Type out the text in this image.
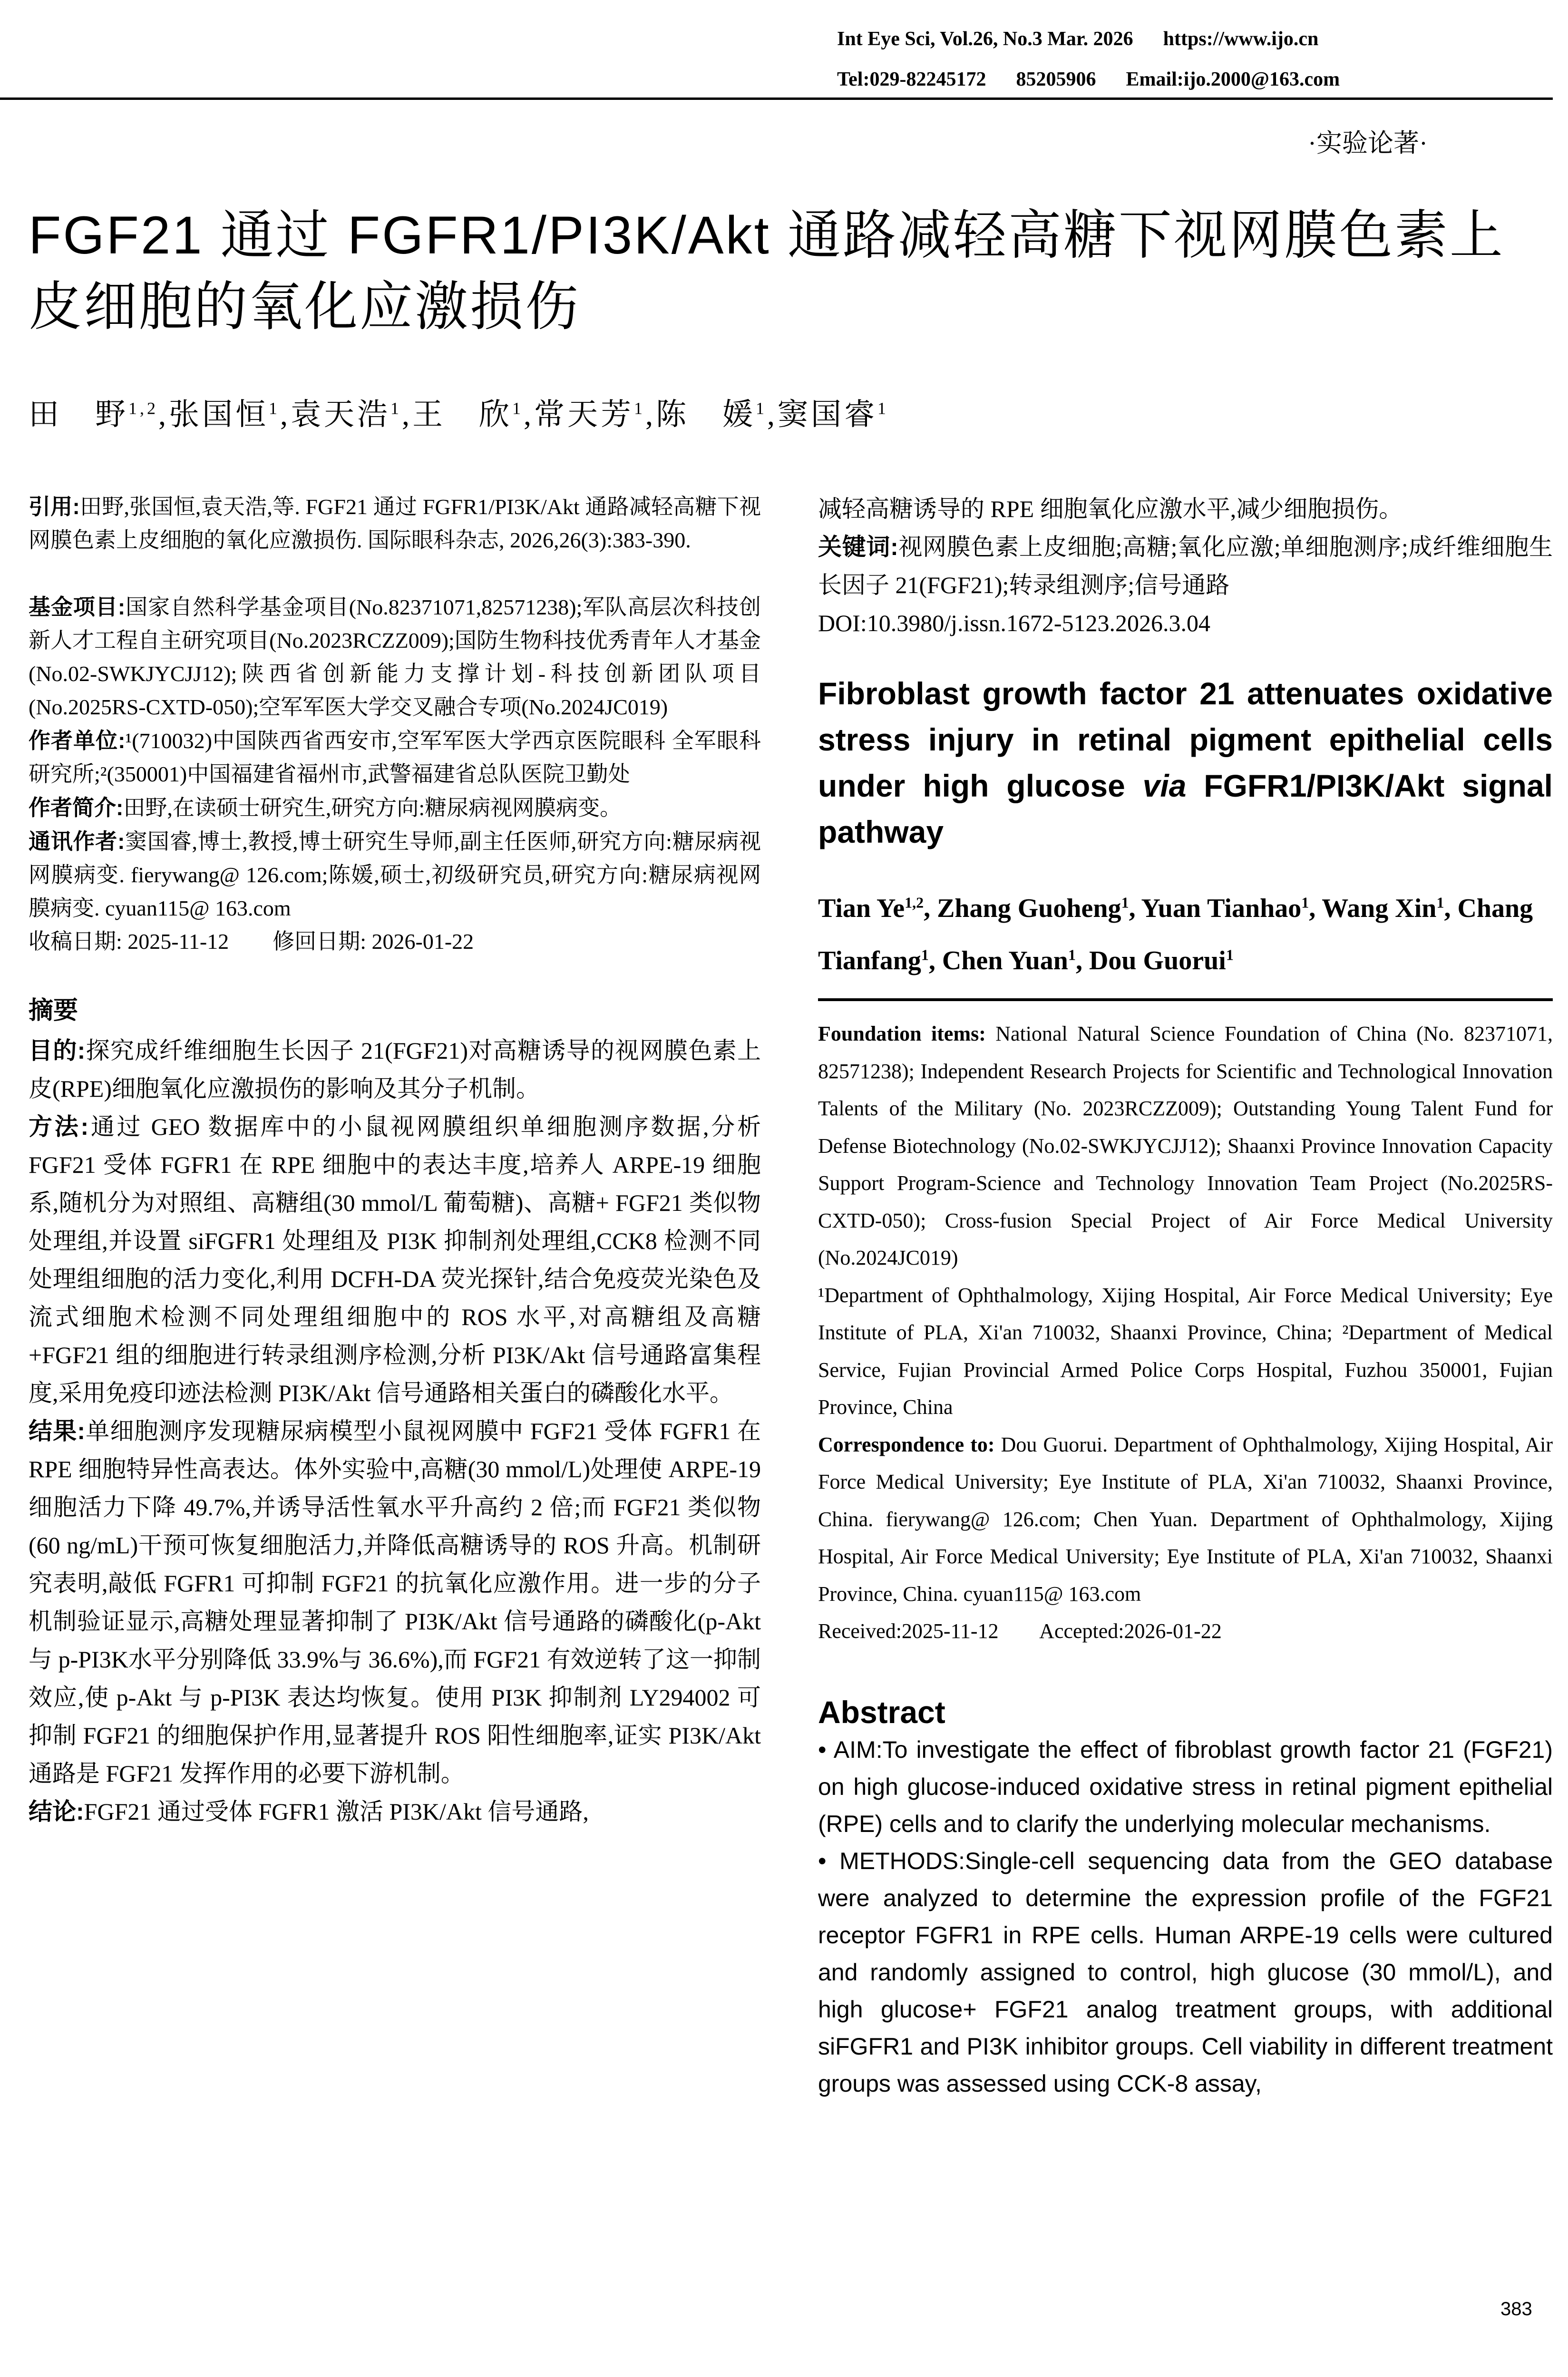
Int Eye Sci, Vol.26, No.3 Mar. 2026 https://www.ijo.cn
Tel:029-82245172 85205906 Email:ijo.2000@163.com
·实验论著·
FGF21 通过 FGFR1/PI3K/Akt 通路减轻高糖下视网膜色素上皮细胞的氧化应激损伤
田　野$^{1,2}$,张国恒$^1$,袁天浩$^1$,王　欣$^1$,常天芳$^1$,陈　媛$^1$,窦国睿$^1$

引用:田野,张国恒,袁天浩,等. FGF21 通过 FGFR1/PI3K/Akt 通路减轻高糖下视网膜色素上皮细胞的氧化应激损伤. 国际眼科杂志, 2026,26(3):383-390.

基金项目:国家自然科学基金项目(No.82371071,82571238);军队高层次科技创新人才工程自主研究项目(No.2023RCZZ009);国防生物科技优秀青年人才基金(No.02-SWKJYCJJ12);陕西省创新能力支撑计划-科技创新团队项目(No.2025RS-CXTD-050);空军军医大学交叉融合专项(No.2024JC019)

作者单位:¹(710032)中国陕西省西安市,空军军医大学西京医院眼科 全军眼科研究所;²(350001)中国福建省福州市,武警福建省总队医院卫勤处

作者简介:田野,在读硕士研究生,研究方向:糖尿病视网膜病变。

通讯作者:窦国睿,博士,教授,博士研究生导师,副主任医师,研究方向:糖尿病视网膜病变. fierywang@ 126.com;陈媛,硕士,初级研究员,研究方向:糖尿病视网膜病变. cyuan115@ 163.com

收稿日期: 2025-11-12 修回日期: 2026-01-22

摘要

目的:探究成纤维细胞生长因子 21(FGF21)对高糖诱导的视网膜色素上皮(RPE)细胞氧化应激损伤的影响及其分子机制。

方法:通过 GEO 数据库中的小鼠视网膜组织单细胞测序数据,分析 FGF21 受体 FGFR1 在 RPE 细胞中的表达丰度,培养人 ARPE-19 细胞系,随机分为对照组、高糖组(30 mmol/L 葡萄糖)、高糖+ FGF21 类似物处理组,并设置 siFGFR1 处理组及 PI3K 抑制剂处理组,CCK8 检测不同处理组细胞的活力变化,利用 DCFH-DA 荧光探针,结合免疫荧光染色及流式细胞术检测不同处理组细胞中的 ROS 水平,对高糖组及高糖+FGF21 组的细胞进行转录组测序检测,分析 PI3K/Akt 信号通路富集程度,采用免疫印迹法检测 PI3K/Akt 信号通路相关蛋白的磷酸化水平。

结果:单细胞测序发现糖尿病模型小鼠视网膜中 FGF21 受体 FGFR1 在 RPE 细胞特异性高表达。体外实验中,高糖(30 mmol/L)处理使 ARPE-19 细胞活力下降 49.7%,并诱导活性氧水平升高约 2 倍;而 FGF21 类似物(60 ng/mL)干预可恢复细胞活力,并降低高糖诱导的 ROS 升高。机制研究表明,敲低 FGFR1 可抑制 FGF21 的抗氧化应激作用。进一步的分子机制验证显示,高糖处理显著抑制了 PI3K/Akt 信号通路的磷酸化(p-Akt 与 p-PI3K水平分别降低 33.9%与 36.6%),而 FGF21 有效逆转了这一抑制效应,使 p-Akt 与 p-PI3K 表达均恢复。使用 PI3K 抑制剂 LY294002 可抑制 FGF21 的细胞保护作用,显著提升 ROS 阳性细胞率,证实 PI3K/Akt 通路是 FGF21 发挥作用的必要下游机制。

结论:FGF21 通过受体 FGFR1 激活 PI3K/Akt 信号通路,

减轻高糖诱导的 RPE 细胞氧化应激水平,减少细胞损伤。

关键词:视网膜色素上皮细胞;高糖;氧化应激;单细胞测序;成纤维细胞生长因子 21(FGF21);转录组测序;信号通路

DOI:10.3980/j.issn.1672-5123.2026.3.04

Fibroblast growth factor 21 attenuates oxidative stress injury in retinal pigment epithelial cells under high glucose via FGFR1/PI3K/Akt signal pathway

Tian Ye$^{1,2}$, Zhang Guoheng$^1$, Yuan Tianhao$^1$, Wang Xin$^1$, Chang Tianfang$^1$, Chen Yuan$^1$, Dou Guorui$^1$

Foundation items: National Natural Science Foundation of China (No. 82371071, 82571238); Independent Research Projects for Scientific and Technological Innovation Talents of the Military (No. 2023RCZZ009); Outstanding Young Talent Fund for Defense Biotechnology (No.02-SWKJYCJJ12); Shaanxi Province Innovation Capacity Support Program-Science and Technology Innovation Team Project (No.2025RS-CXTD-050); Cross-fusion Special Project of Air Force Medical University (No.2024JC019)

¹Department of Ophthalmology, Xijing Hospital, Air Force Medical University; Eye Institute of PLA, Xi'an 710032, Shaanxi Province, China; ²Department of Medical Service, Fujian Provincial Armed Police Corps Hospital, Fuzhou 350001, Fujian Province, China

Correspondence to: Dou Guorui. Department of Ophthalmology, Xijing Hospital, Air Force Medical University; Eye Institute of PLA, Xi'an 710032, Shaanxi Province, China. fierywang@ 126.com; Chen Yuan. Department of Ophthalmology, Xijing Hospital, Air Force Medical University; Eye Institute of PLA, Xi'an 710032, Shaanxi Province, China. cyuan115@ 163.com

Received:2025-11-12 Accepted:2026-01-22

Abstract

• AIM:To investigate the effect of fibroblast growth factor 21 (FGF21) on high glucose-induced oxidative stress in retinal pigment epithelial (RPE) cells and to clarify the underlying molecular mechanisms.

• METHODS:Single-cell sequencing data from the GEO database were analyzed to determine the expression profile of the FGF21 receptor FGFR1 in RPE cells. Human ARPE-19 cells were cultured and randomly assigned to control, high glucose (30 mmol/L), and high glucose+ FGF21 analog treatment groups, with additional siFGFR1 and PI3K inhibitor groups. Cell viability in different treatment groups was assessed using CCK-8 assay,

383
